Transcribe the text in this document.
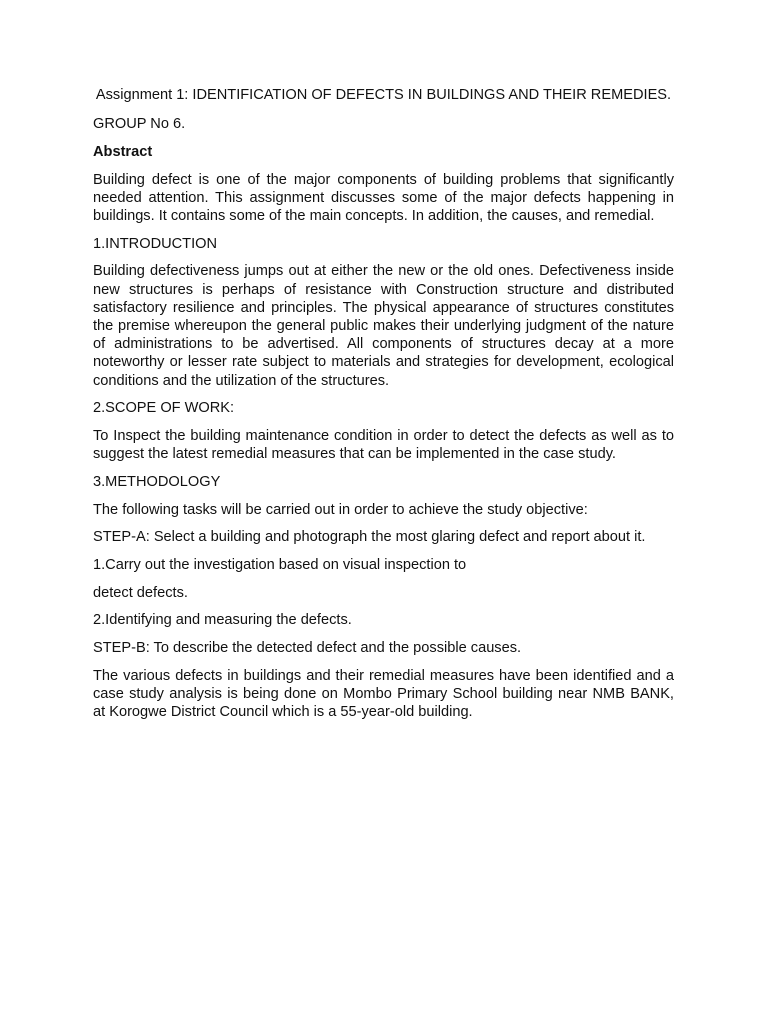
Assignment 1: IDENTIFICATION OF DEFECTS IN BUILDINGS AND THEIR REMEDIES.

GROUP No 6.

Abstract

Building defect is one of the major components of building problems that significantly needed attention. This assignment discusses some of the major defects happening in buildings. It contains some of the main concepts. In addition, the causes, and remedial.

1.INTRODUCTION

Building defectiveness jumps out at either the new or the old ones. Defectiveness inside new structures is perhaps of resistance with Construction structure and distributed satisfactory resilience and principles. The physical appearance of structures constitutes the premise whereupon the general public makes their underlying judgment of the nature of administrations to be advertised. All components of structures decay at a more noteworthy or lesser rate subject to materials and strategies for development, ecological conditions and the utilization of the structures.

2.SCOPE OF WORK:

To Inspect the building maintenance condition in order to detect the defects as well as to suggest the latest remedial measures that can be implemented in the case study.

3.METHODOLOGY

The following tasks will be carried out in order to achieve the study objective:

STEP-A: Select a building and photograph the most glaring defect and report about it.

1.Carry out the investigation based on visual inspection to

detect defects.

2.Identifying and measuring the defects.

STEP-B: To describe the detected defect and the possible causes.

The various defects in buildings and their remedial measures have been identified and a case study analysis is being done on Mombo Primary School building near NMB BANK, at Korogwe District Council which is a 55-year-old building.
